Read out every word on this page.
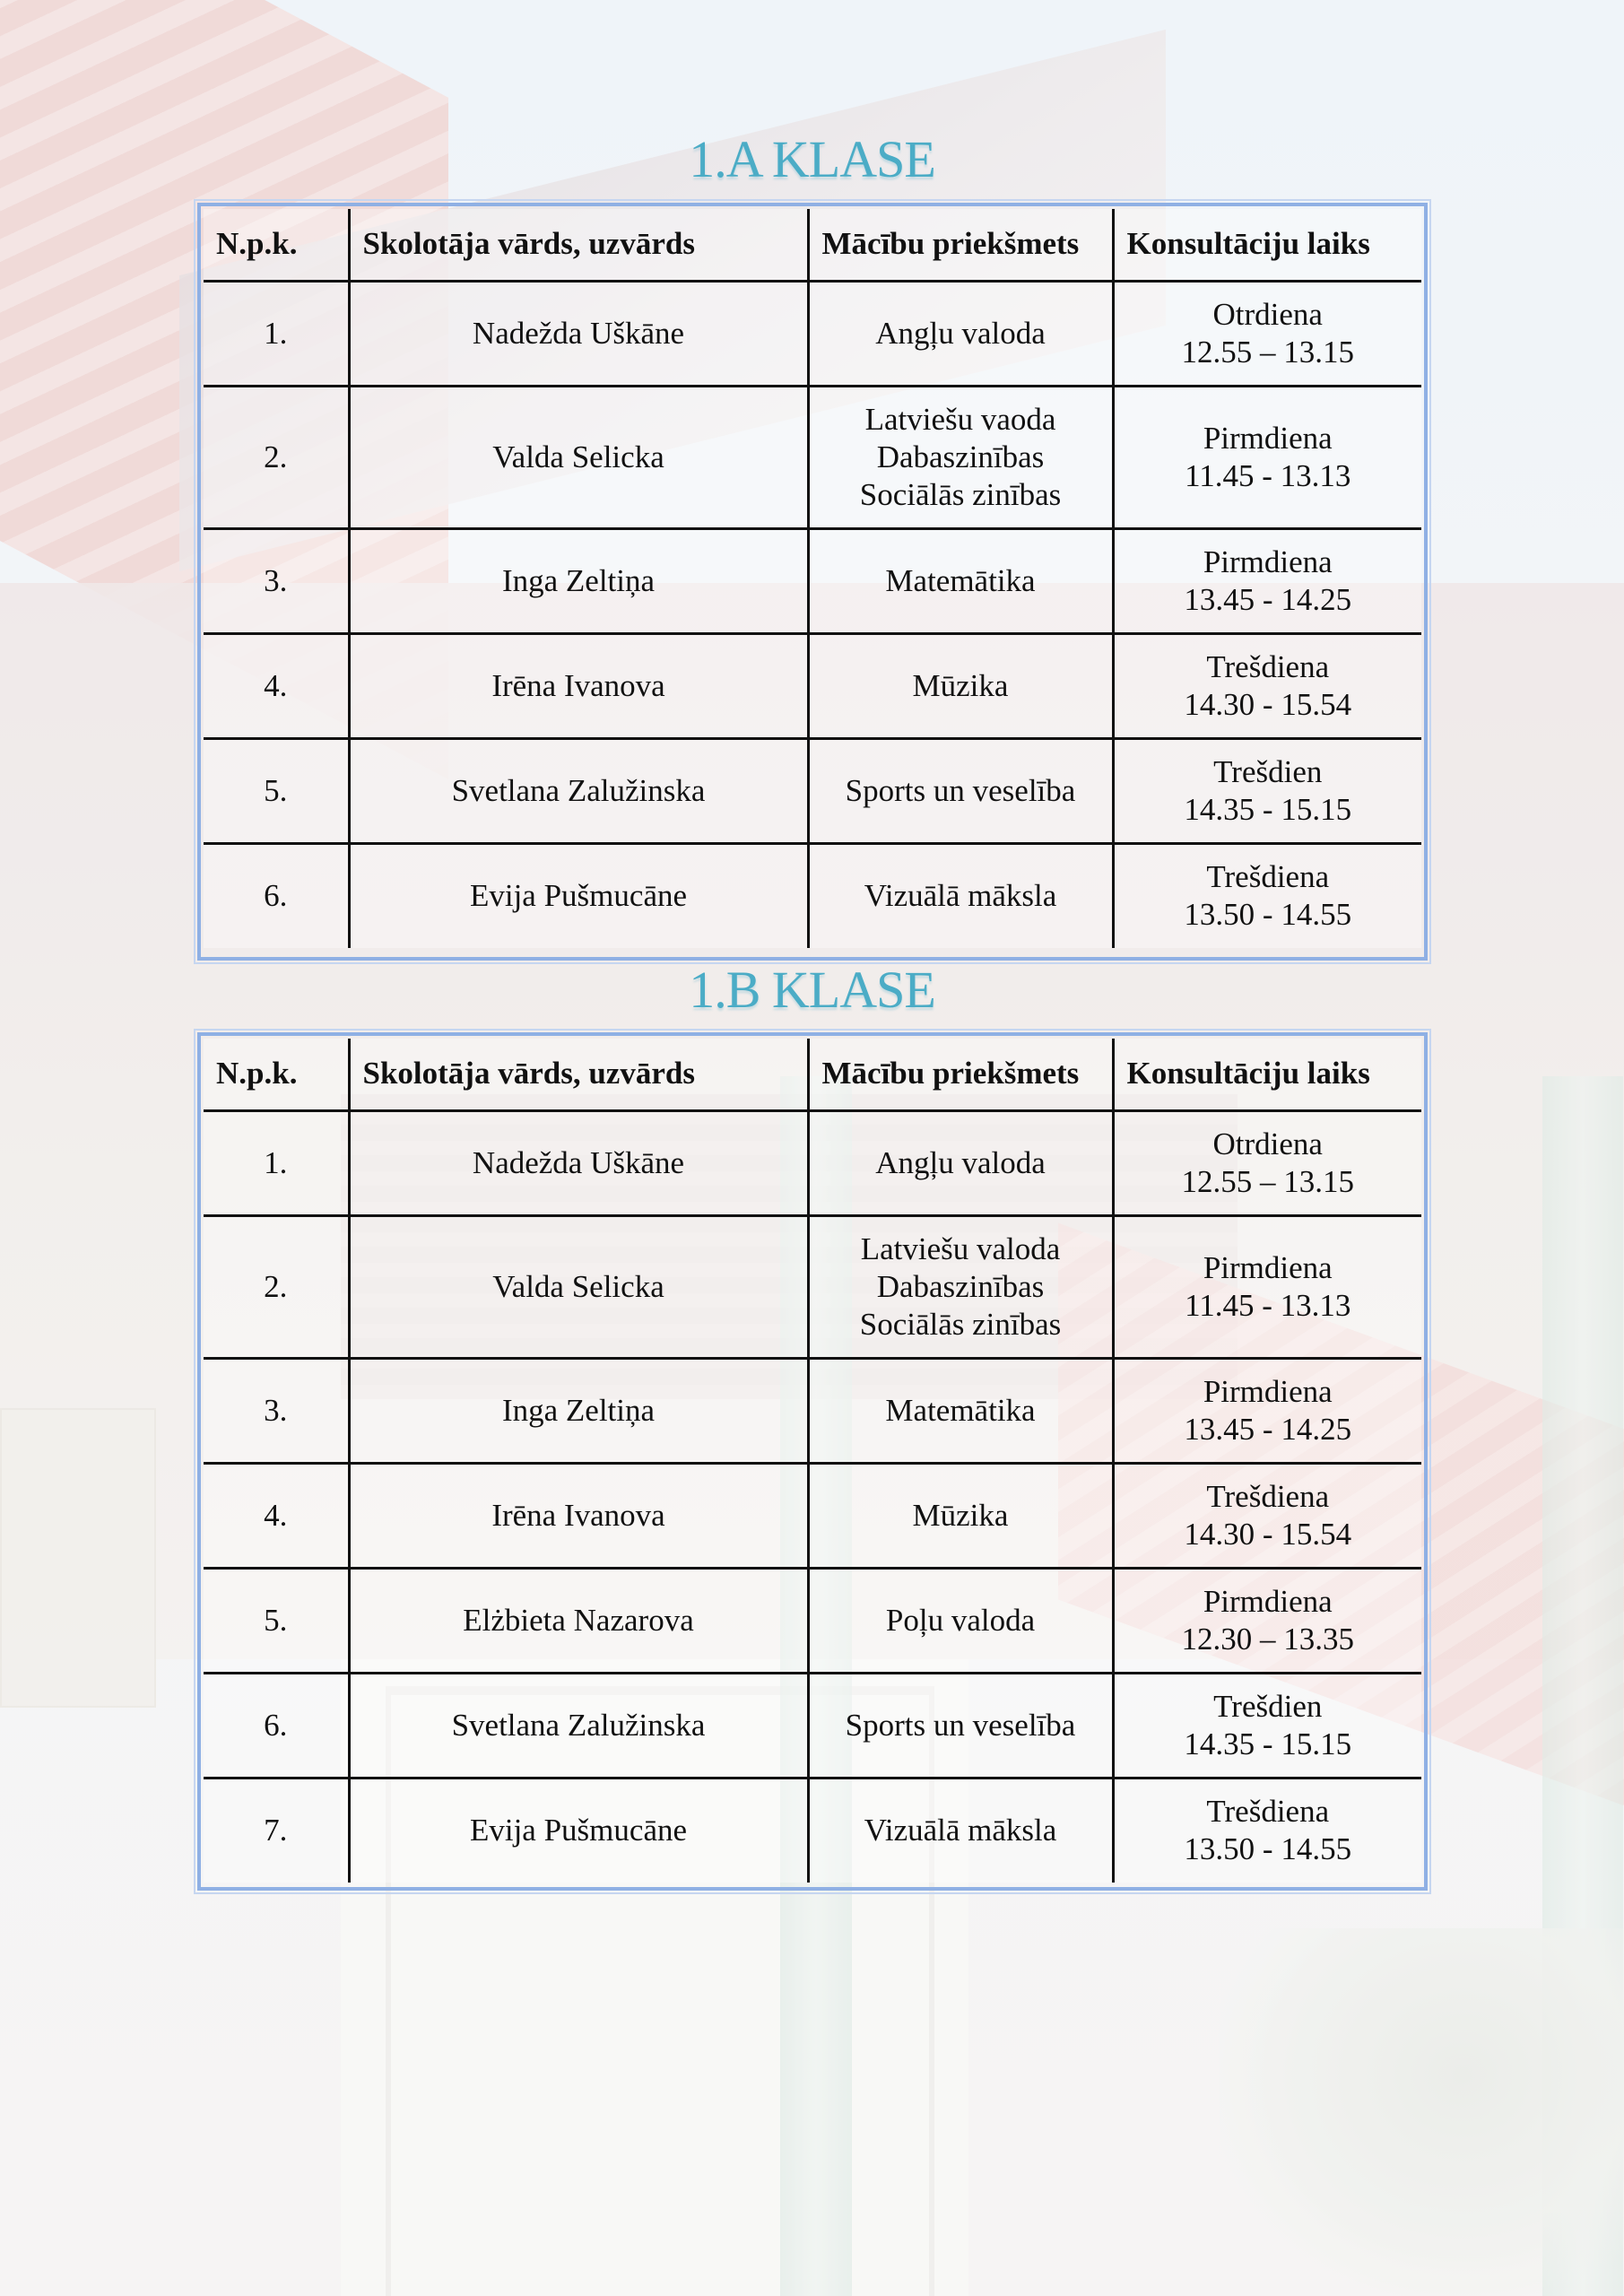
1.A KLASE
N.p.k.	Skolotāja vārds, uzvārds	Mācību priekšmets	Konsultāciju laiks
1.	Nadežda Uškāne	Angļu valoda	Otrdiena
12.55 – 13.15

2.	Valda Selicka	Latviešu vaoda
Dabaszinības
Sociālās zinības	Pirmdiena
11.45 - 13.13

3.	Inga Zeltiņa	Matemātika	Pirmdiena
13.45 - 14.25

4.	Irēna Ivanova	Mūzika	Trešdiena
14.30 - 15.54

5.	Svetlana Zalužinska	Sports un veselība	Trešdien
14.35 - 15.15

6.	Evija Pušmucāne	Vizuālā māksla	Trešdiena
13.50 - 14.55
1.B KLASE
N.p.k.	Skolotāja vārds, uzvārds	Mācību priekšmets	Konsultāciju laiks
1.	Nadežda Uškāne	Angļu valoda	Otrdiena
12.55 – 13.15

2.	Valda Selicka	Latviešu valoda
Dabaszinības
Sociālās zinības	Pirmdiena
11.45 - 13.13

3.	Inga Zeltiņa	Matemātika	Pirmdiena
13.45 - 14.25

4.	Irēna Ivanova	Mūzika	Trešdiena
14.30 - 15.54

5.	Elżbieta Nazarova	Poļu valoda	Pirmdiena
12.30 – 13.35

6.	Svetlana Zalužinska	Sports un veselība	Trešdien
14.35 - 15.15

7.	Evija Pušmucāne	Vizuālā māksla	Trešdiena
13.50 - 14.55
